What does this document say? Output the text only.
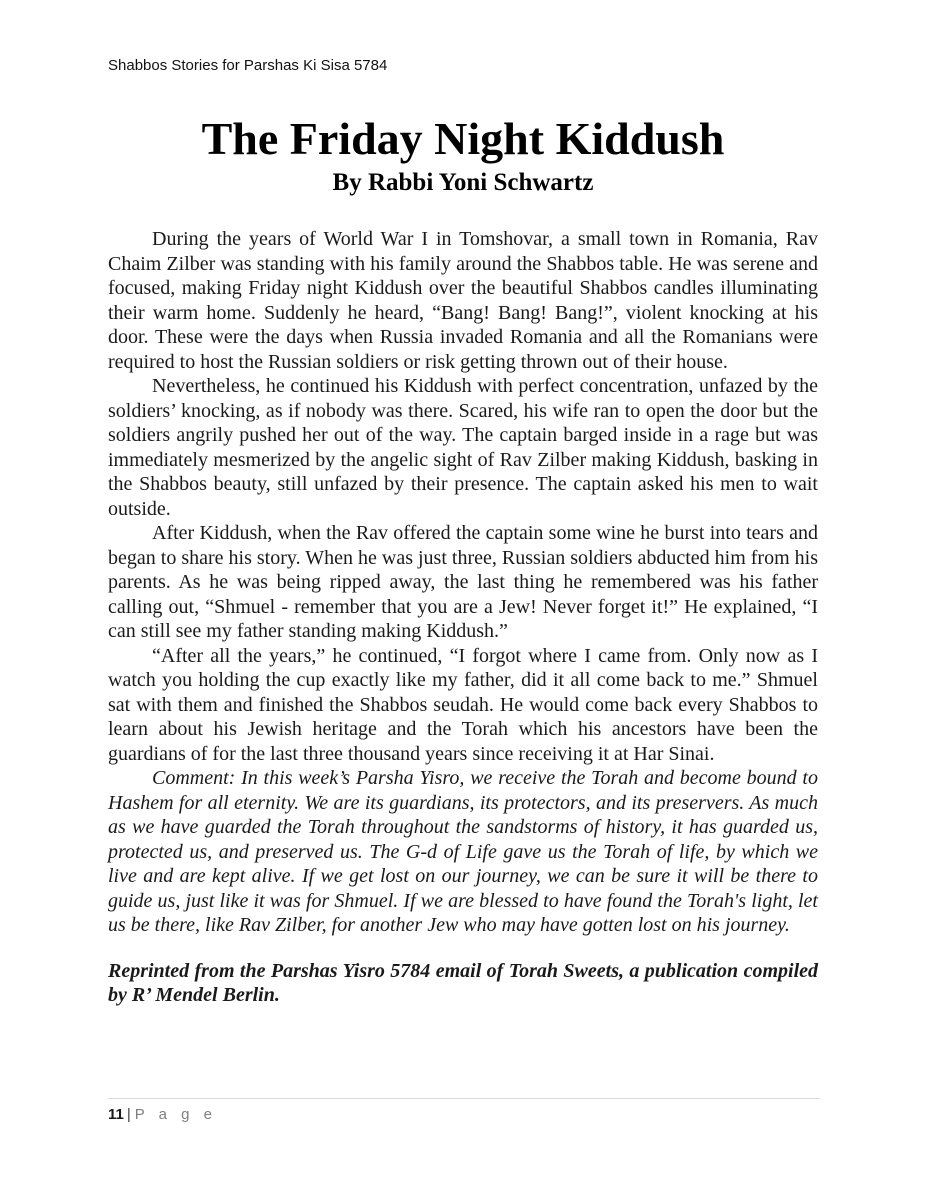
Shabbos Stories for Parshas Ki Sisa 5784
The Friday Night Kiddush
By Rabbi Yoni Schwartz

During the years of World War I in Tomshovar, a small town in Romania, Rav Chaim Zilber was standing with his family around the Shabbos table. He was serene and focused, making Friday night Kiddush over the beautiful Shabbos candles illuminating their warm home. Suddenly he heard, “Bang! Bang! Bang!”, violent knocking at his door. These were the days when Russia invaded Romania and all the Romanians were required to host the Russian soldiers or risk getting thrown out of their house.

Nevertheless, he continued his Kiddush with perfect concentration, unfazed by the soldiers’ knocking, as if nobody was there. Scared, his wife ran to open the door but the soldiers angrily pushed her out of the way. The captain barged inside in a rage but was immediately mesmerized by the angelic sight of Rav Zilber making Kiddush, basking in the Shabbos beauty, still unfazed by their presence. The captain asked his men to wait outside.

After Kiddush, when the Rav offered the captain some wine he burst into tears and began to share his story. When he was just three, Russian soldiers abducted him from his parents. As he was being ripped away, the last thing he remembered was his father calling out, “Shmuel - remember that you are a Jew! Never forget it!” He explained, “I can still see my father standing making Kiddush.”

“After all the years,” he continued, “I forgot where I came from. Only now as I watch you holding the cup exactly like my father, did it all come back to me.” Shmuel sat with them and finished the Shabbos seudah. He would come back every Shabbos to learn about his Jewish heritage and the Torah which his ancestors have been the guardians of for the last three thousand years since receiving it at Har Sinai.

Comment: In this week’s Parsha Yisro, we receive the Torah and become bound to Hashem for all eternity. We are its guardians, its protectors, and its preservers. As much as we have guarded the Torah throughout the sandstorms of history, it has guarded us, protected us, and preserved us. The G-d of Life gave us the Torah of life, by which we live and are kept alive. If we get lost on our journey, we can be sure it will be there to guide us, just like it was for Shmuel. If we are blessed to have found the Torah's light, let us be there, like Rav Zilber, for another Jew who may have gotten lost on his journey.

Reprinted from the Parshas Yisro 5784 email of Torah Sweets, a publication compiled by R’ Mendel Berlin.

11 | P a g e
